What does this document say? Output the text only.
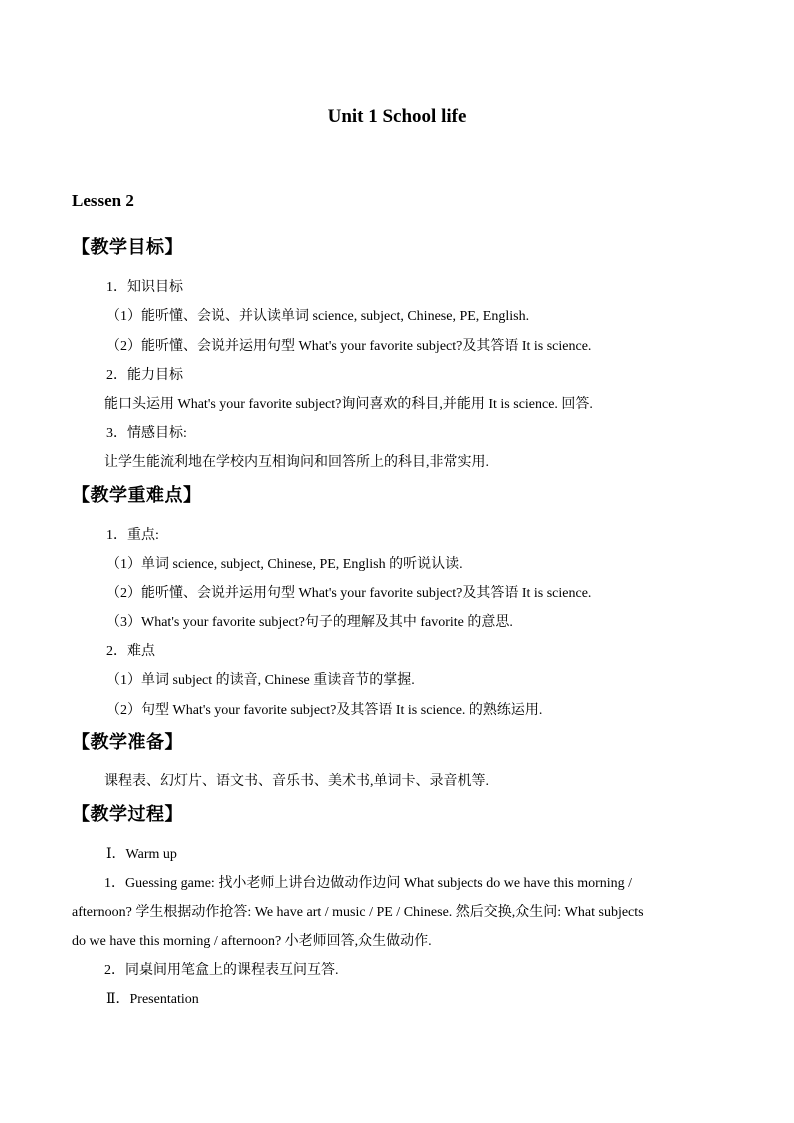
Unit 1 School life
Lessen 2
【教学目标】
1．知识目标
（1）能听懂、会说、并认读单词 science, subject, Chinese, PE, English.
（2）能听懂、会说并运用句型 What's your favorite subject?及其答语 It is science.
2．能力目标
能口头运用 What's your favorite subject?询问喜欢的科目,并能用 It is science. 回答.
3．情感目标:
让学生能流利地在学校内互相询问和回答所上的科目,非常实用.
【教学重难点】
1．重点:
（1）单词 science, subject, Chinese, PE, English 的听说认读.
（2）能听懂、会说并运用句型 What's your favorite subject?及其答语 It is science.
（3）What's your favorite subject?句子的理解及其中 favorite 的意思.
2．难点
（1）单词 subject 的读音, Chinese 重读音节的掌握.
（2）句型 What's your favorite subject?及其答语 It is science. 的熟练运用.
【教学准备】
课程表、幻灯片、语文书、音乐书、美术书,单词卡、录音机等.
【教学过程】
Ⅰ．Warm up
1．Guessing game: 找小老师上讲台边做动作边问 What subjects do we have this morning /
afternoon? 学生根据动作抢答: We have art / music / PE / Chinese. 然后交换,众生问: What subjects
do we have this morning / afternoon? 小老师回答,众生做动作.
2．同桌间用笔盒上的课程表互问互答.
Ⅱ．Presentation
